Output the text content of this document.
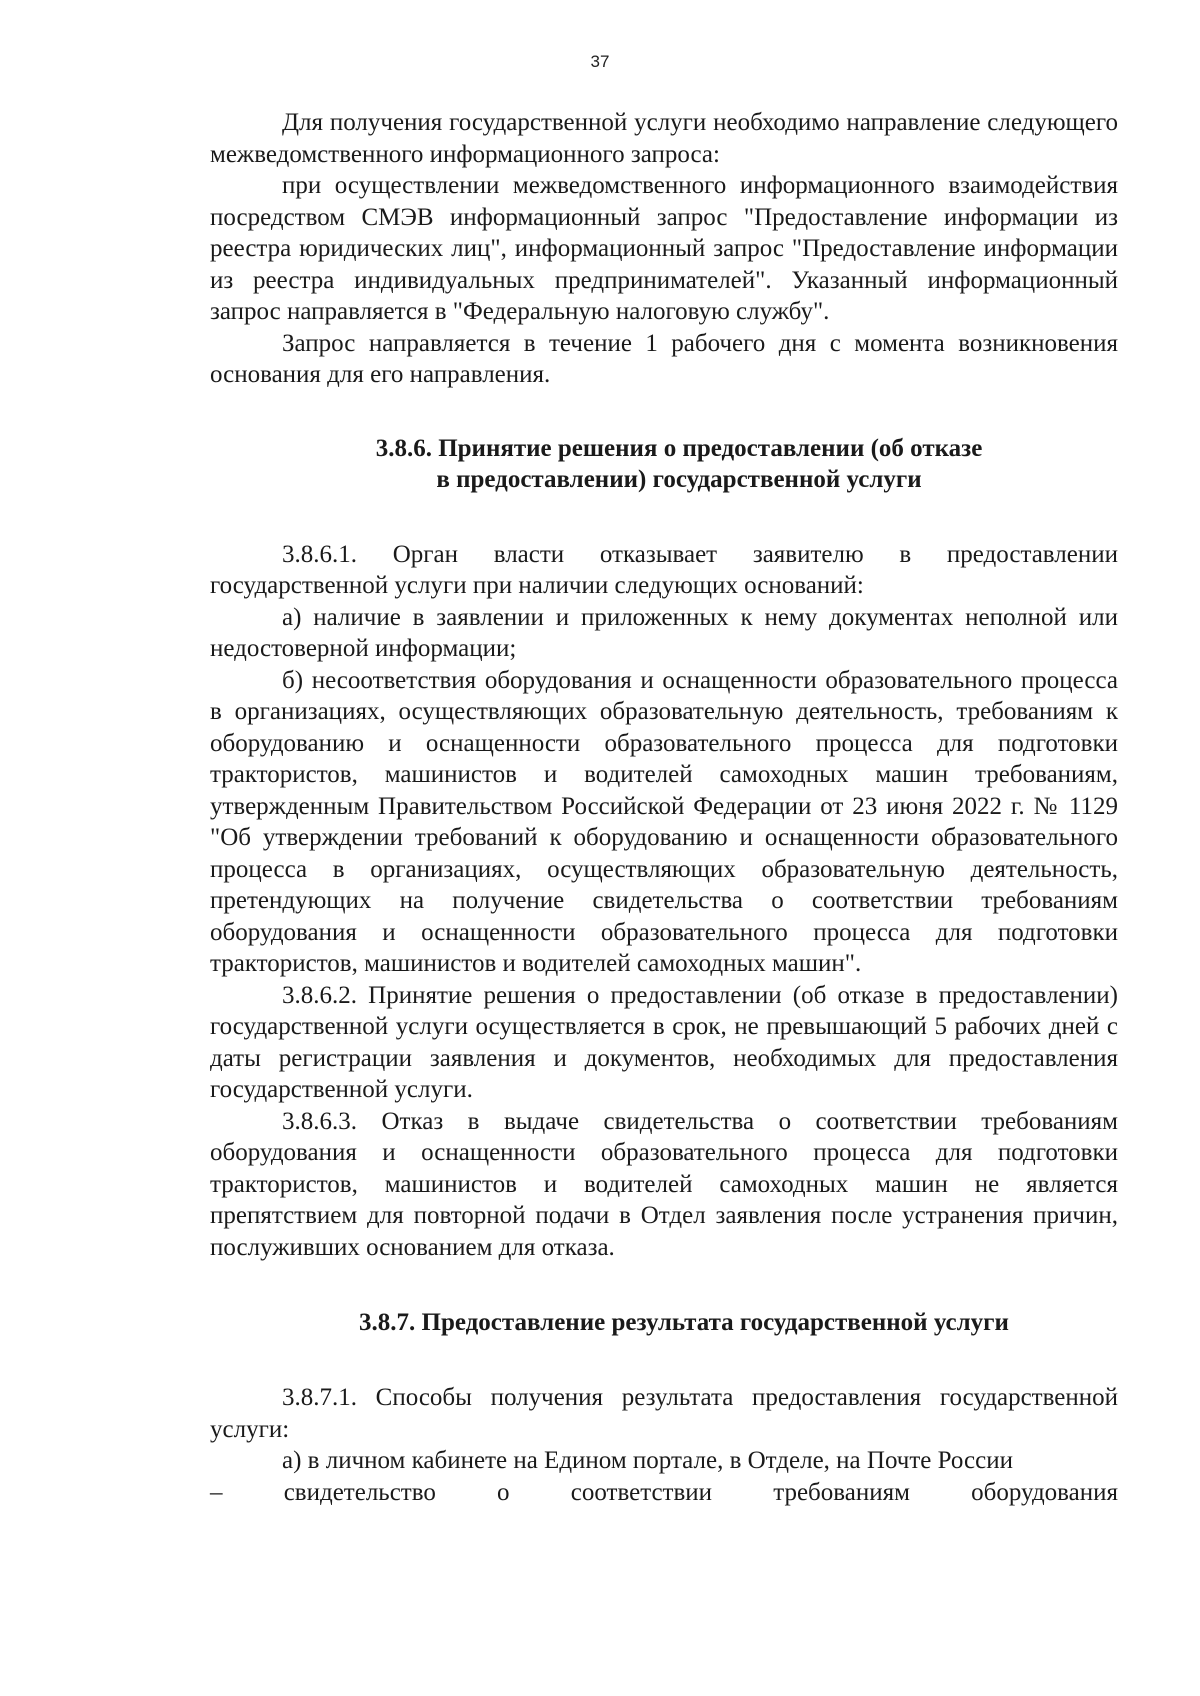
37

Для получения государственной услуги необходимо направление следующего межведомственного информационного запроса:

при осуществлении межведомственного информационного взаимодействия посредством СМЭВ информационный запрос "Предоставление информации из реестра юридических лиц", информационный запрос "Предоставление информации из реестра индивидуальных предпринимателей". Указанный информационный запрос направляется в "Федеральную налоговую службу".

Запрос направляется в течение 1 рабочего дня с момента возникновения основания для его направления.

3.8.6. Принятие решения о предоставлении (об отказе
в предоставлении) государственной услуги

3.8.6.1. Орган власти отказывает заявителю в предоставлении государственной услуги при наличии следующих оснований:

а) наличие в заявлении и приложенных к нему документах неполной или недостоверной информации;

б) несоответствия оборудования и оснащенности образовательного процесса в организациях, осуществляющих образовательную деятельность, требованиям к оборудованию и оснащенности образовательного процесса для подготовки трактористов, машинистов и водителей самоходных машин требованиям, утвержденным Правительством Российской Федерации от 23 июня 2022 г. № 1129 "Об утверждении требований к оборудованию и оснащенности образовательного процесса в организациях, осуществляющих образовательную деятельность, претендующих на получение свидетельства о соответствии требованиям оборудования и оснащенности образовательного процесса для подготовки трактористов, машинистов и водителей самоходных машин".

3.8.6.2. Принятие решения о предоставлении (об отказе в предоставлении) государственной услуги осуществляется в срок, не превышающий 5 рабочих дней с даты регистрации заявления и документов, необходимых для предоставления государственной услуги.

3.8.6.3. Отказ в выдаче свидетельства о соответствии требованиям оборудования и оснащенности образовательного процесса для подготовки трактористов, машинистов и водителей самоходных машин не является препятствием для повторной подачи в Отдел заявления после устранения причин, послуживших основанием для отказа.

3.8.7. Предоставление результата государственной услуги

3.8.7.1. Способы получения результата предоставления государственной услуги:

а) в личном кабинете на Едином портале, в Отделе, на Почте России

– свидетельство о соответствии требованиям оборудования
